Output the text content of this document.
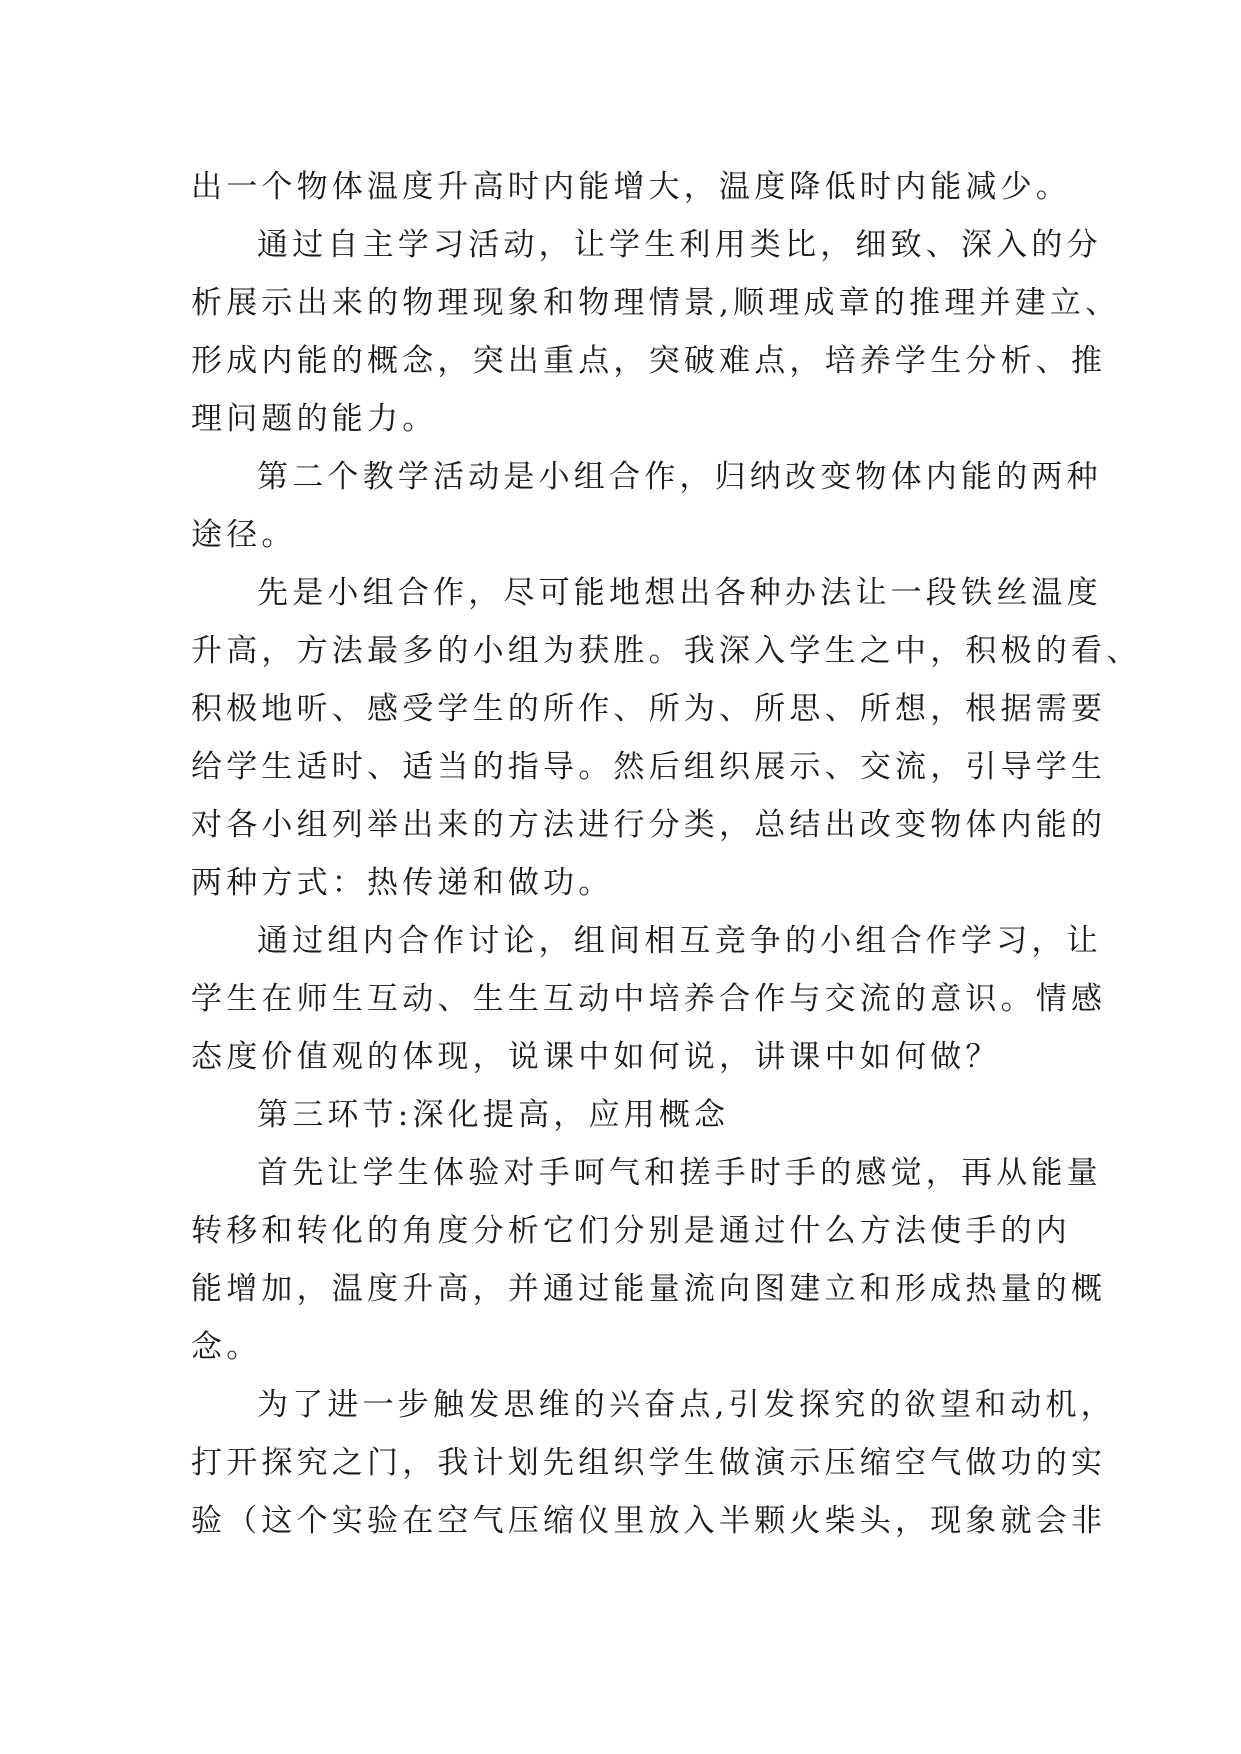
出一个物体温度升高时内能增大，温度降低时内能减少。
通过自主学习活动，让学生利用类比，细致、深入的分
析展示出来的物理现象和物理情景,顺理成章的推理并建立、
形成内能的概念，突出重点，突破难点，培养学生分析、推
理问题的能力。
第二个教学活动是小组合作，归纳改变物体内能的两种
途径。
先是小组合作，尽可能地想出各种办法让一段铁丝温度
升高，方法最多的小组为获胜。我深入学生之中，积极的看、
积极地听、感受学生的所作、所为、所思、所想，根据需要
给学生适时、适当的指导。然后组织展示、交流，引导学生
对各小组列举出来的方法进行分类，总结出改变物体内能的
两种方式：热传递和做功。
通过组内合作讨论，组间相互竞争的小组合作学习，让
学生在师生互动、生生互动中培养合作与交流的意识。情感
态度价值观的体现，说课中如何说，讲课中如何做？
第三环节:深化提高，应用概念
首先让学生体验对手呵气和搓手时手的感觉，再从能量
转移和转化的角度分析它们分别是通过什么方法使手的内
能增加，温度升高，并通过能量流向图建立和形成热量的概
念。
为了进一步触发思维的兴奋点,引发探究的欲望和动机，
打开探究之门，我计划先组织学生做演示压缩空气做功的实
验（这个实验在空气压缩仪里放入半颗火柴头，现象就会非
